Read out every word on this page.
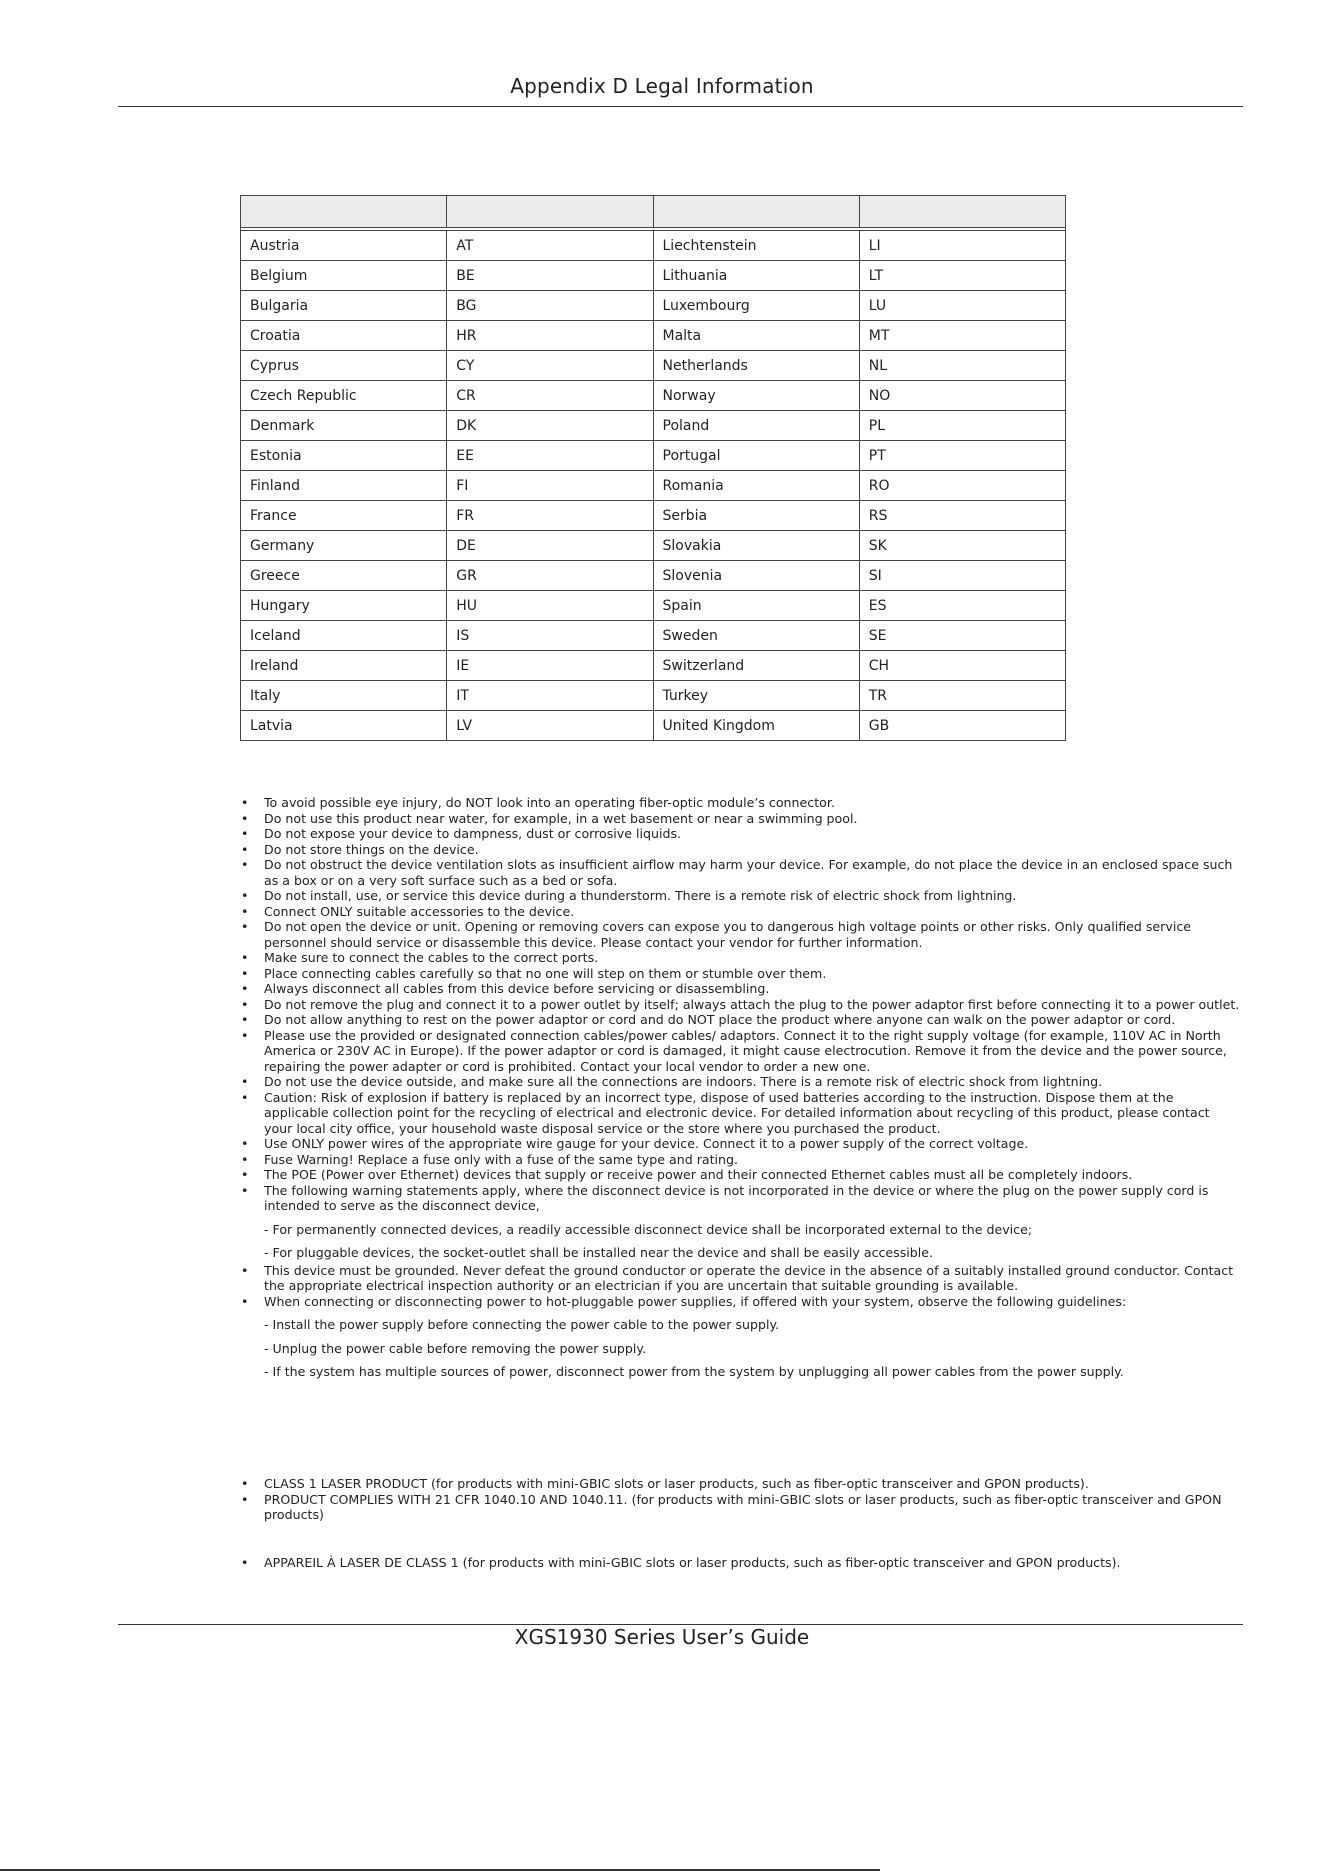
Appendix D Legal Information

Austria	AT	Liechtenstein	LI
Belgium	BE	Lithuania	LT
Bulgaria	BG	Luxembourg	LU
Croatia	HR	Malta	MT
Cyprus	CY	Netherlands	NL
Czech Republic	CR	Norway	NO
Denmark	DK	Poland	PL
Estonia	EE	Portugal	PT
Finland	FI	Romania	RO
France	FR	Serbia	RS
Germany	DE	Slovakia	SK
Greece	GR	Slovenia	SI
Hungary	HU	Spain	ES
Iceland	IS	Sweden	SE
Ireland	IE	Switzerland	CH
Italy	IT	Turkey	TR
Latvia	LV	United Kingdom	GB
• To avoid possible eye injury, do NOT look into an operating fiber-optic module’s connector.
• Do not use this product near water, for example, in a wet basement or near a swimming pool.
• Do not expose your device to dampness, dust or corrosive liquids.
• Do not store things on the device.
• Do not obstruct the device ventilation slots as insufficient airflow may harm your device. For example, do not place the device in an enclosed space such as a box or on a very soft surface such as a bed or sofa.
• Do not install, use, or service this device during a thunderstorm. There is a remote risk of electric shock from lightning.
• Connect ONLY suitable accessories to the device.
• Do not open the device or unit. Opening or removing covers can expose you to dangerous high voltage points or other risks. Only qualified service personnel should service or disassemble this device. Please contact your vendor for further information.
• Make sure to connect the cables to the correct ports.
• Place connecting cables carefully so that no one will step on them or stumble over them.
• Always disconnect all cables from this device before servicing or disassembling.
• Do not remove the plug and connect it to a power outlet by itself; always attach the plug to the power adaptor first before connecting it to a power outlet.
• Do not allow anything to rest on the power adaptor or cord and do NOT place the product where anyone can walk on the power adaptor or cord.
• Please use the provided or designated connection cables/power cables/ adaptors. Connect it to the right supply voltage (for example, 110V AC in North America or 230V AC in Europe). If the power adaptor or cord is damaged, it might cause electrocution. Remove it from the device and the power source, repairing the power adapter or cord is prohibited. Contact your local vendor to order a new one.
• Do not use the device outside, and make sure all the connections are indoors. There is a remote risk of electric shock from lightning.
• Caution: Risk of explosion if battery is replaced by an incorrect type, dispose of used batteries according to the instruction. Dispose them at the applicable collection point for the recycling of electrical and electronic device. For detailed information about recycling of this product, please contact your local city office, your household waste disposal service or the store where you purchased the product.
• Use ONLY power wires of the appropriate wire gauge for your device. Connect it to a power supply of the correct voltage.
• Fuse Warning! Replace a fuse only with a fuse of the same type and rating.
• The POE (Power over Ethernet) devices that supply or receive power and their connected Ethernet cables must all be completely indoors.
• The following warning statements apply, where the disconnect device is not incorporated in the device or where the plug on the power supply cord is intended to serve as the disconnect device,
- For permanently connected devices, a readily accessible disconnect device shall be incorporated external to the device;
- For pluggable devices, the socket-outlet shall be installed near the device and shall be easily accessible.
• This device must be grounded. Never defeat the ground conductor or operate the device in the absence of a suitably installed ground conductor. Contact the appropriate electrical inspection authority or an electrician if you are uncertain that suitable grounding is available.
• When connecting or disconnecting power to hot-pluggable power supplies, if offered with your system, observe the following guidelines:
- Install the power supply before connecting the power cable to the power supply.
- Unplug the power cable before removing the power supply.
- If the system has multiple sources of power, disconnect power from the system by unplugging all power cables from the power supply.
• CLASS 1 LASER PRODUCT (for products with mini-GBIC slots or laser products, such as fiber-optic transceiver and GPON products).
• PRODUCT COMPLIES WITH 21 CFR 1040.10 AND 1040.11. (for products with mini-GBIC slots or laser products, such as fiber-optic transceiver and GPON products)
• APPAREIL À LASER DE CLASS 1 (for products with mini-GBIC slots or laser products, such as fiber-optic transceiver and GPON products).
XGS1930 Series User’s Guide
